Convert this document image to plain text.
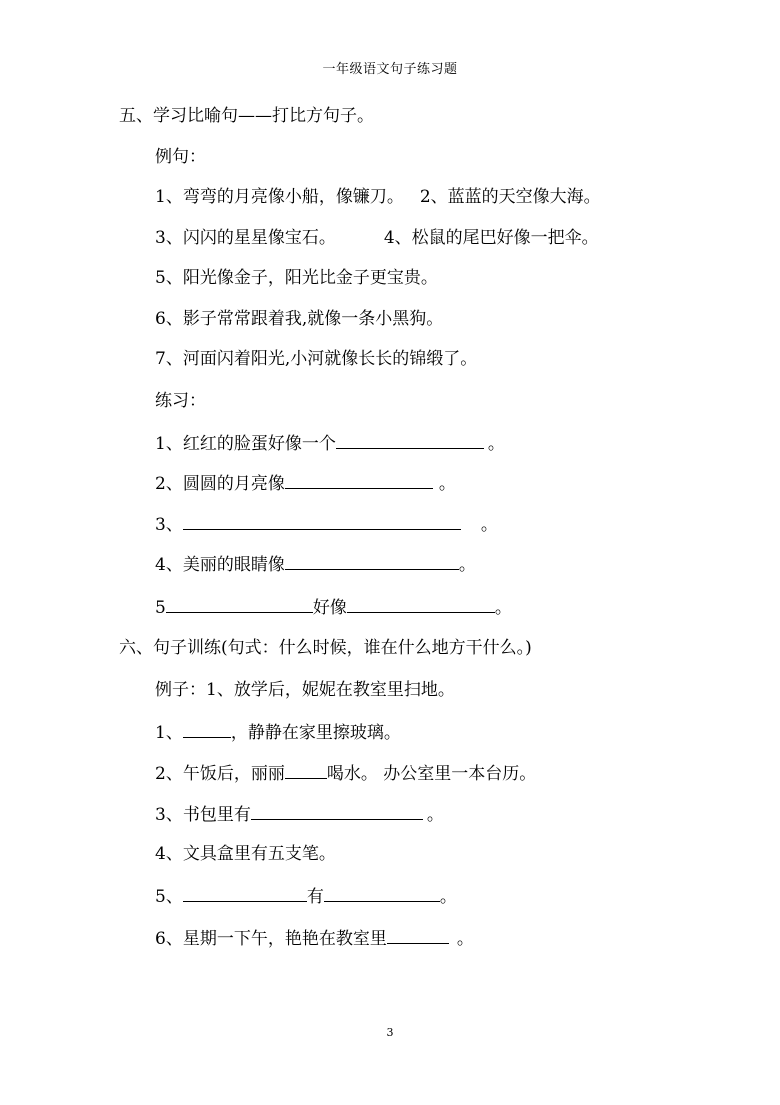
一年级语文句子练习题
五、学习比喻句——打比方句子。
例句：
1、弯弯的月亮像小船，像镰刀。 2、蓝蓝的天空像大海。
3、闪闪的星星像宝石。	4、松鼠的尾巴好像一把伞。
5、阳光像金子，阳光比金子更宝贵。
6、影子常常跟着我,就像一条小黑狗。
7、河面闪着阳光,小河就像长长的锦缎了。
练习：
1、红红的脸蛋好像一个	。
2、圆圆的月亮像	。
3、	。
4、美丽的眼睛像	。
5	好像	。
六、句子训练(句式：什么时候，谁在什么地方干什么。)
例子：1、放学后，妮妮在教室里扫地。
1、	，静静在家里擦玻璃。
2、午饭后，丽丽 喝水。 办公室里一本台历。
3、书包里有	。
4、文具盒里有五支笔。
5、	有	。
6、星期一下午，艳艳在教室里	。
3
